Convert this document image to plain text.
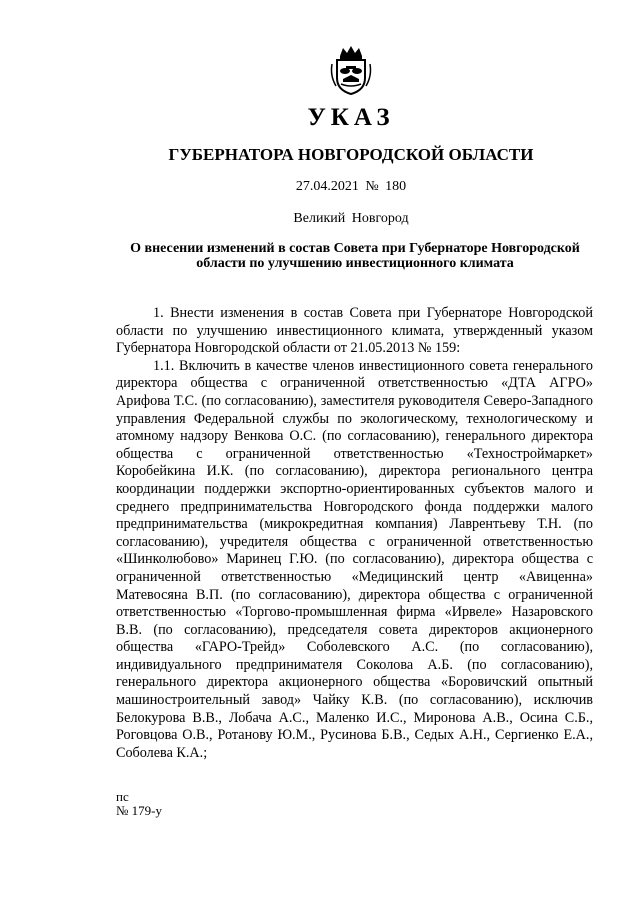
УКАЗ
ГУБЕРНАТОРА НОВГОРОДСКОЙ ОБЛАСТИ
27.04.2021 № 180
Великий Новгород
О внесении изменений в состав Совета при Губернаторе Новгородской области по улучшению инвестиционного климата

1. Внести изменения в состав Совета при Губернаторе Новгородской области по улучшению инвестиционного климата, утвержденный указом Губернатора Новгородской области от 21.05.2013 № 159:

1.1. Включить в качестве членов инвестиционного совета генерального директора общества с ограниченной ответственностью «ДТА АГРО» Арифова Т.С. (по согласованию), заместителя руководителя Северо-Западного управления Федеральной службы по экологическому, технологическому и атомному надзору Венкова О.С. (по согласованию), генерального директора общества с ограниченной ответственностью «Техностроймаркет» Коробейкина И.К. (по согласованию), директора регионального центра координации поддержки экспортно-ориентированных субъектов малого и среднего предпринимательства Новгородского фонда поддержки малого предпринимательства (микрокредитная компания) Лаврентьеву Т.Н. (по согласованию), учредителя общества с ограниченной ответственностью «Шинколюбово» Маринец Г.Ю. (по согласованию), директора общества с ограниченной ответственностью «Медицинский центр «Авиценна» Матевосяна В.П. (по согласованию), директора общества с ограниченной ответственностью «Торгово-промышленная фирма «Ирвеле» Назаровского В.В. (по согласованию), председателя совета директоров акционерного общества «ГАРО-Трейд» Соболевского А.С. (по согласованию), индивидуального предпринимателя Соколова А.Б. (по согласованию), генерального директора акционерного общества «Боровичский опытный машиностроительный завод» Чайку К.В. (по согласованию), исключив Белокурова В.В., Лобача А.С., Маленко И.С., Миронова А.В., Осина С.Б., Роговцова О.В., Ротанову Ю.М., Русинова Б.В., Седых А.Н., Сергиенко Е.А., Соболева К.А.;

пс
№ 179-у
